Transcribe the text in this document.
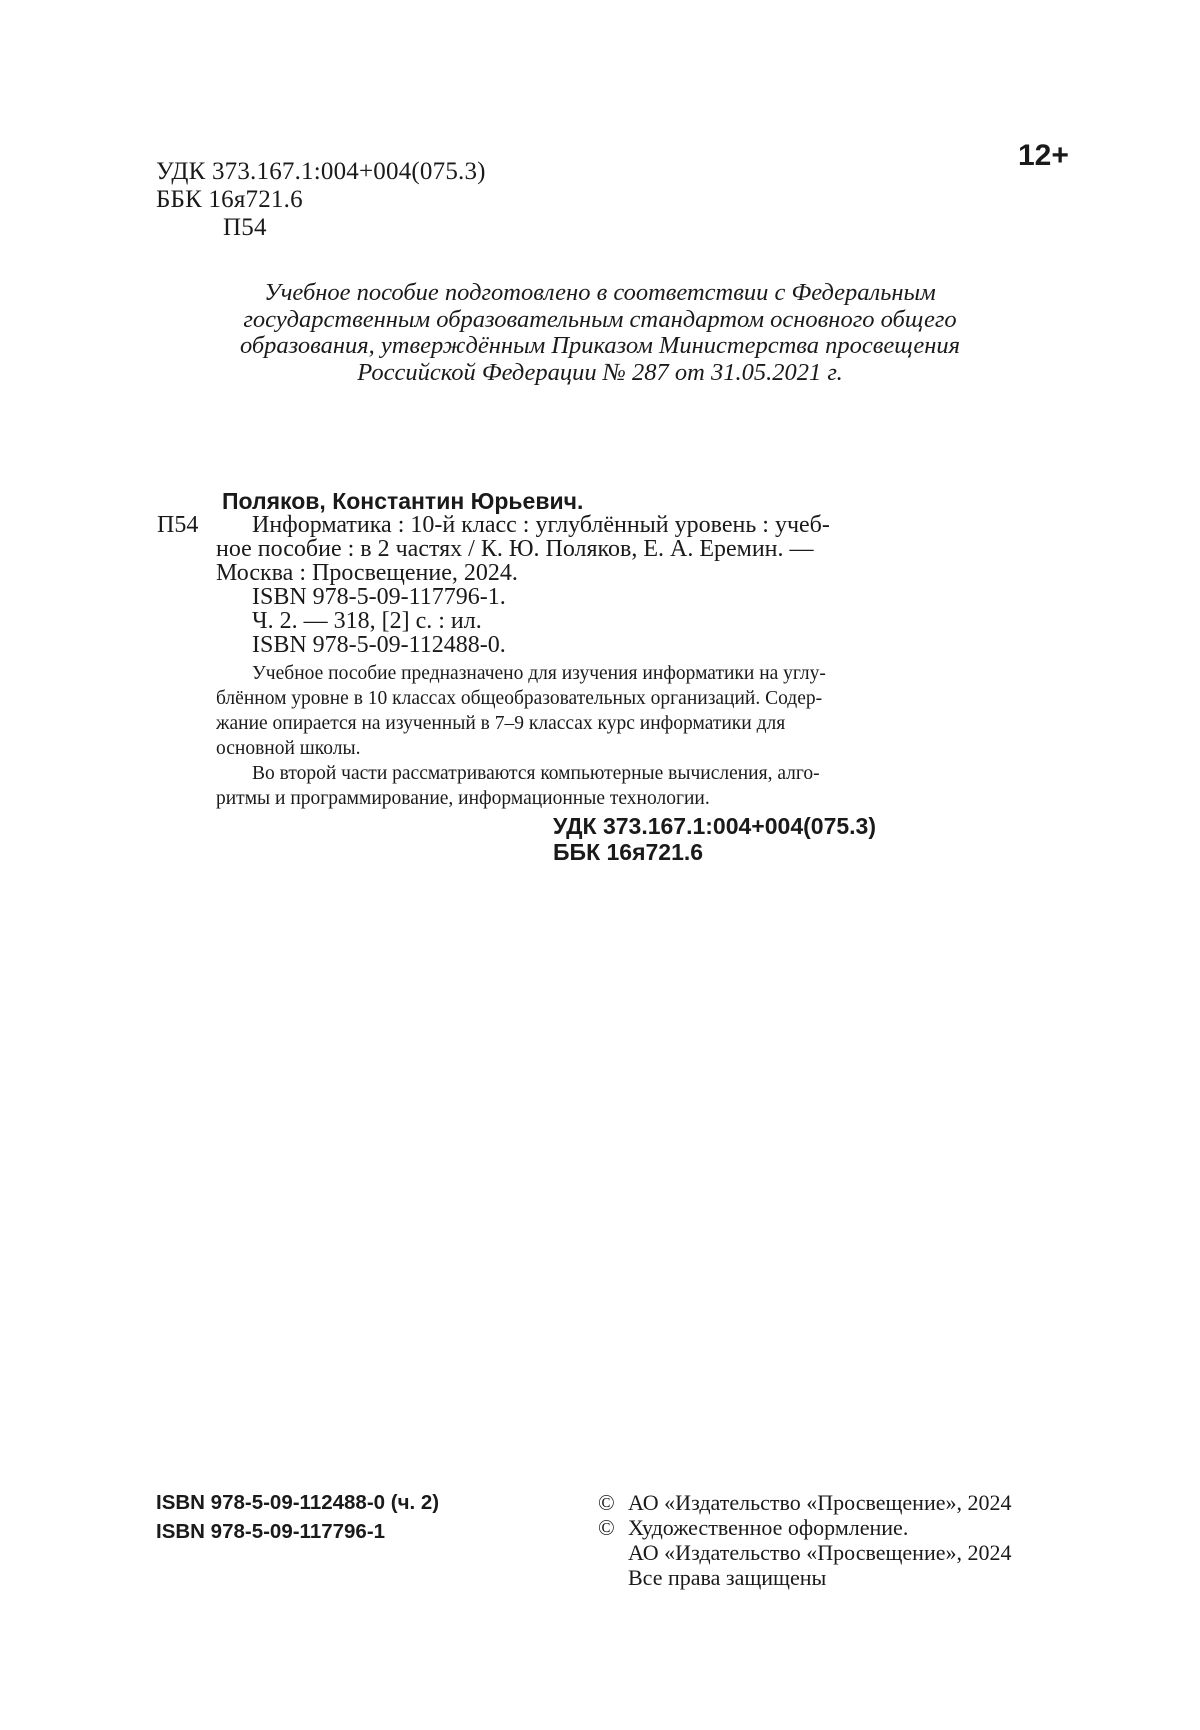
УДК 373.167.1:004+004(075.3)
ББК 16я721.6
П54
12+
Учебное пособие подготовлено в соответствии с Федеральным
государственным образовательным стандартом основного общего
образования, утверждённым Приказом Министерства просвещения
Российской Федерации № 287 от 31.05.2021 г.
Поляков, Константин Юрьевич.
П54 Информатика : 10-й класс : углублённый уровень : учеб-
ное пособие : в 2 частях / К. Ю. Поляков, Е. А. Еремин. —
Москва : Просвещение, 2024.
ISBN 978-5-09-117796-1.
Ч. 2. — 318, [2] с. : ил.
ISBN 978-5-09-112488-0.
Учебное пособие предназначено для изучения информатики на углу-
блённом уровне в 10 классах общеобразовательных организаций. Содер-
жание опирается на изученный в 7–9 классах курс информатики для
основной школы.
Во второй части рассматриваются компьютерные вычисления, алго-
ритмы и программирование, информационные технологии.
УДК 373.167.1:004+004(075.3)
ББК 16я721.6
ISBN 978-5-09-112488-0 (ч. 2)
ISBN 978-5-09-117796-1
© АО «Издательство «Просвещение», 2024
© Художественное оформление.
АО «Издательство «Просвещение», 2024
Все права защищены
